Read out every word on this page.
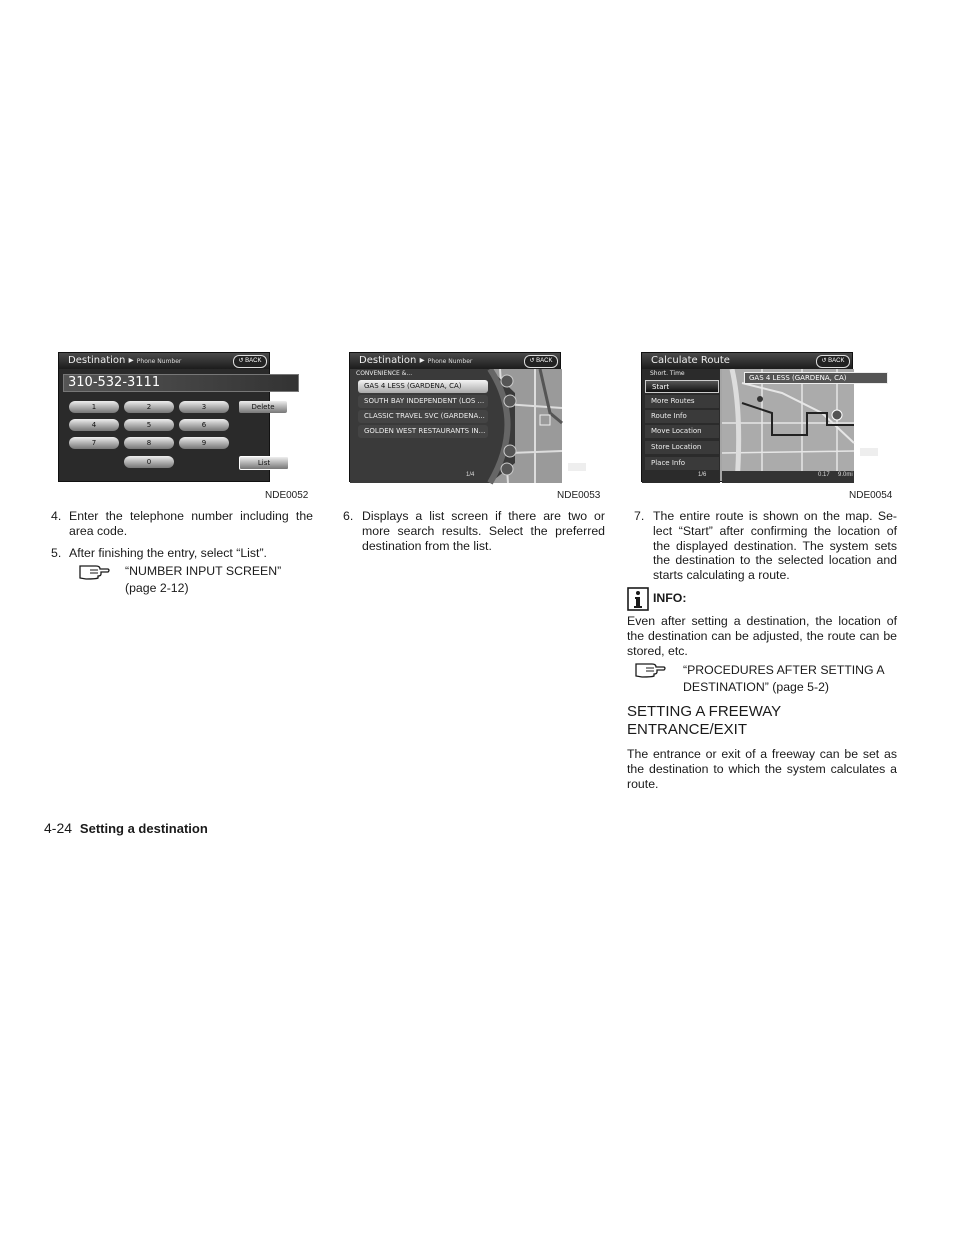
Destination ▸ Phone Number	↺ BACK
310-532-3111
1	2	3
4	5	6
7	8	9
0
Delete
List
NDE0052
Destination ▸ Phone Number	↺ BACK
CONVENIENCE &...
GAS 4 LESS (GARDENA, CA)
SOUTH BAY INDEPENDENT (LOS ...
CLASSIC TRAVEL SVC (GARDENA...
GOLDEN WEST RESTAURANTS IN...
1/4
NDE0053
Calculate Route	↺ BACK
Short. Time
Start
More Routes
Route Info
Move Location
Store Location
Place Info
GAS 4 LESS (GARDENA, CA)
1/6	0.17 9.0mi
NDE0054
4. Enter the telephone number including the area code.
5. After finishing the entry, select “List”.
“NUMBER INPUT SCREEN”
(page 2-12)
6. Displays a list screen if there are two or more search results. Select the preferred destination from the list.
7. The entire route is shown on the map. Se-lect “Start” after confirming the location of the displayed destination. The system sets the destination to the selected location and starts calculating a route.
INFO:
Even after setting a destination, the location of the destination can be adjusted, the route can be stored, etc.
“PROCEDURES AFTER SETTING A
DESTINATION” (page 5-2)
SETTING A FREEWAY
ENTRANCE/EXIT
The entrance or exit of a freeway can be set as the destination to which the system calculates a route.
4-24 Setting a destination
